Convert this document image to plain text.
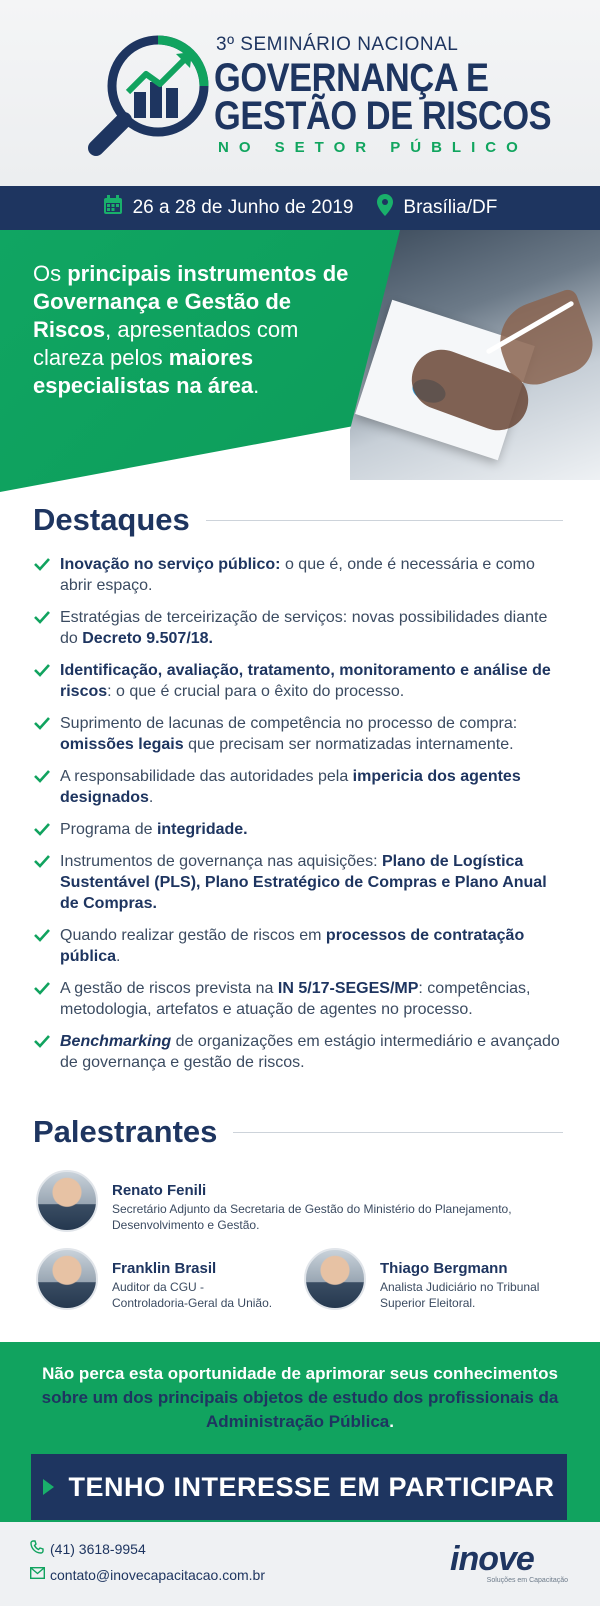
3º SEMINÁRIO NACIONAL
GOVERNANÇA E
GESTÃO DE RISCOS
NO SETOR PÚBLICO
26 a 28 de Junho de 2019	Brasília/DF
Os principais instrumentos de Governança e Gestão de Riscos, apresentados com clareza pelos maiores especialistas na área.
Destaques
Inovação no serviço público: o que é, onde é necessária e como abrir espaço.
Estratégias de terceirização de serviços: novas possibilidades diante do Decreto 9.507/18.
Identificação, avaliação, tratamento, monitoramento e análise de riscos: o que é crucial para o êxito do processo.
Suprimento de lacunas de competência no processo de compra: omissões legais que precisam ser normatizadas internamente.
A responsabilidade das autoridades pela impericia dos agentes designados.
Programa de integridade.
Instrumentos de governança nas aquisições: Plano de Logística Sustentável (PLS), Plano Estratégico de Compras e Plano Anual de Compras.
Quando realizar gestão de riscos em processos de contratação pública.
A gestão de riscos prevista na IN 5/17-SEGES/MP: competências, metodologia, artefatos e atuação de agentes no processo.
Benchmarking de organizações em estágio intermediário e avançado de governança e gestão de riscos.
Palestrantes
Renato Fenili
Secretário Adjunto da Secretaria de Gestão do Ministério do Planejamento, Desenvolvimento e Gestão.
Franklin Brasil
Auditor da CGU - Controladoria-Geral da União.
Thiago Bergmann
Analista Judiciário no Tribunal Superior Eleitoral.
Não perca esta oportunidade de aprimorar seus conhecimentos sobre um dos principais objetos de estudo dos profissionais da Administração Pública.
TENHO INTERESSE EM PARTICIPAR
(41) 3618-9954
contato@inovecapacitacao.com.br	inove
Soluções em Capacitação
